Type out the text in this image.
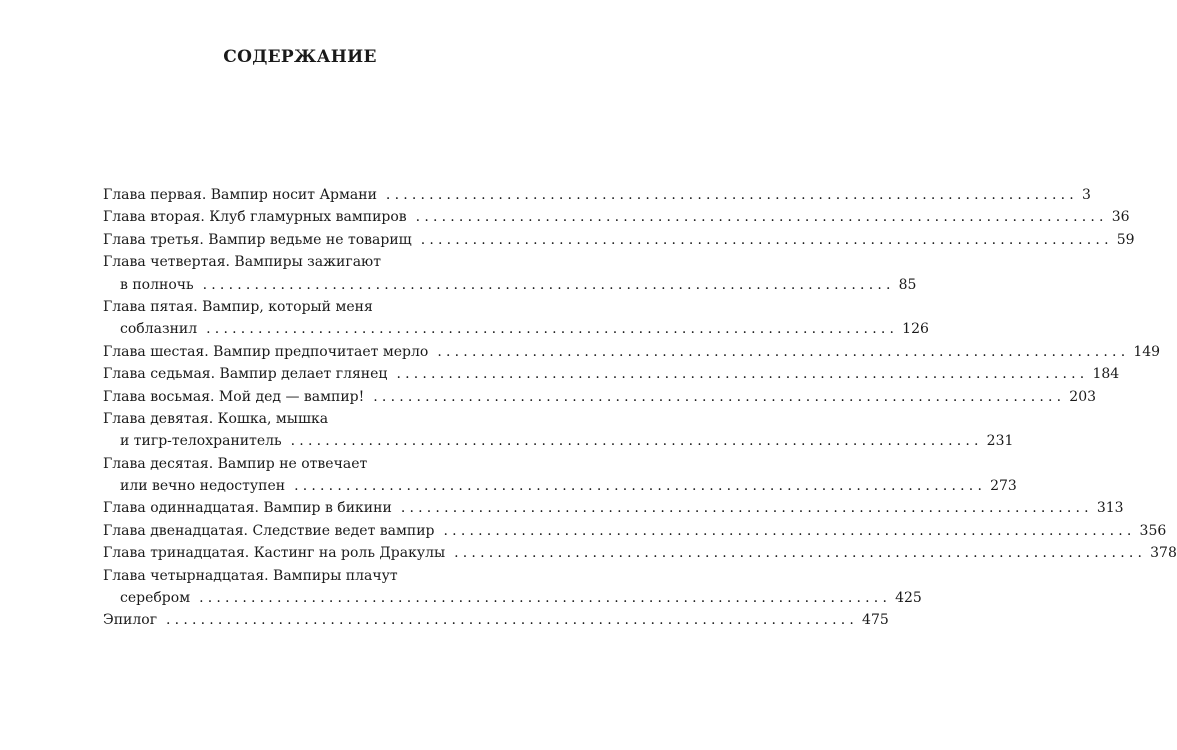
СОДЕРЖАНИЕ
Глава первая. Вампир носит Армани ................................................................................ 3
Глава вторая. Клуб гламурных вампиров ................................................................................ 36
Глава третья. Вампир ведьме не товарищ ................................................................................ 59
Глава четвертая. Вампиры зажигают
в полночь ................................................................................ 85
Глава пятая. Вампир, который меня
соблазнил ................................................................................ 126
Глава шестая. Вампир предпочитает мерло ................................................................................ 149
Глава седьмая. Вампир делает глянец ................................................................................ 184
Глава восьмая. Мой дед — вампир! ................................................................................ 203
Глава девятая. Кошка, мышка
и тигр-телохранитель ................................................................................ 231
Глава десятая. Вампир не отвечает
или вечно недоступен ................................................................................ 273
Глава одиннадцатая. Вампир в бикини ................................................................................ 313
Глава двенадцатая. Следствие ведет вампир ................................................................................ 356
Глава тринадцатая. Кастинг на роль Дракулы ................................................................................ 378
Глава четырнадцатая. Вампиры плачут
серебром ................................................................................ 425
Эпилог ................................................................................ 475
